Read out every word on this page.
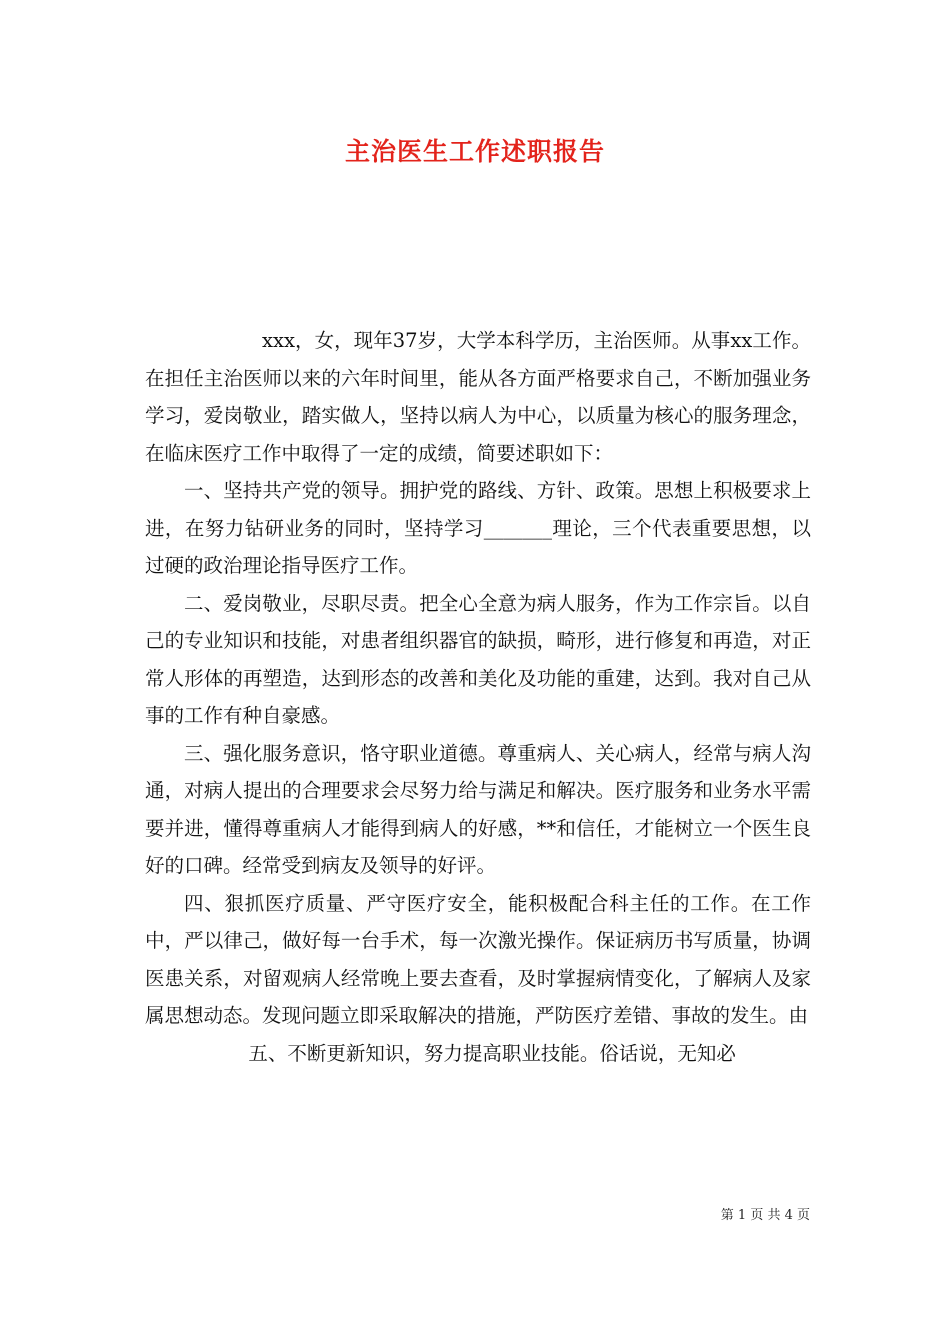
主治医生工作述职报告

xxx，女，现年37岁，大学本科学历，主治医师。从事xx工作。在担任主治医师以来的六年时间里，能从各方面严格要求自己，不断加强业务学习，爱岗敬业，踏实做人，坚持以病人为中心，以质量为核心的服务理念，在临床医疗工作中取得了一定的成绩，简要述职如下：

一、坚持共产党的领导。拥护党的路线、方针、政策。思想上积极要求上进，在努力钻研业务的同时，坚持学习_______理论，三个代表重要思想，以过硬的政治理论指导医疗工作。

二、爱岗敬业，尽职尽责。把全心全意为病人服务，作为工作宗旨。以自己的专业知识和技能，对患者组织器官的缺损，畸形，进行修复和再造，对正常人形体的再塑造，达到形态的改善和美化及功能的重建，达到。我对自己从事的工作有种自豪感。

三、强化服务意识，恪守职业道德。尊重病人、关心病人，经常与病人沟通，对病人提出的合理要求会尽努力给与满足和解决。医疗服务和业务水平需要并进，懂得尊重病人才能得到病人的好感，**和信任，才能树立一个医生良好的口碑。经常受到病友及领导的好评。

四、狠抓医疗质量、严守医疗安全，能积极配合科主任的工作。在工作中，严以律己，做好每一台手术，每一次激光操作。保证病历书写质量，协调医患关系，对留观病人经常晚上要去查看，及时掌握病情变化，了解病人及家属思想动态。发现问题立即采取解决的措施，严防医疗差错、事故的发生。由

五、不断更新知识，努力提高职业技能。俗话说，无知必

第 1 页 共 4 页
